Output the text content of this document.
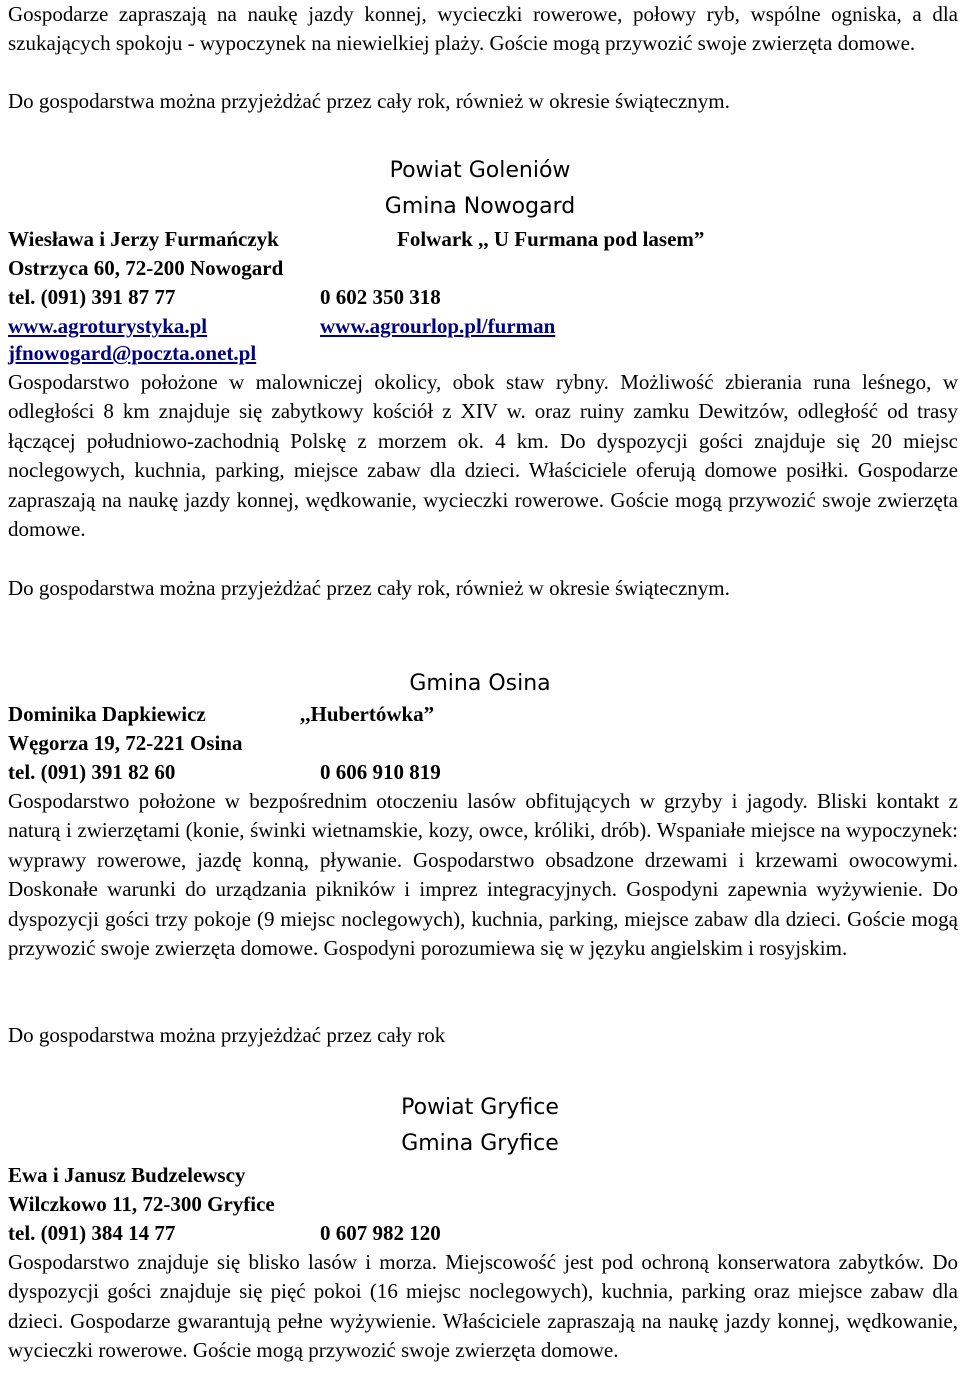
Gospodarze zapraszają na naukę jazdy konnej, wycieczki rowerowe, połowy ryb, wspólne ogniska, a dla szukających spokoju - wypoczynek na niewielkiej plaży. Goście mogą przywozić swoje zwierzęta domowe.
Do gospodarstwa można przyjeżdżać przez cały rok, również w okresie świątecznym.
Powiat Goleniów
Gmina Nowogard
Wiesława i Jerzy Furmańczyk	Folwark ,, U Furmana pod lasem”
Ostrzyca 60, 72-200 Nowogard
tel. (091) 391 87 77	0 602 350 318
www.agroturystyka.pl	www.agrourlop.pl/furman
jfnowogard@poczta.onet.pl
Gospodarstwo położone w malowniczej okolicy, obok staw rybny. Możliwość zbierania runa leśnego, w odległości 8 km znajduje się zabytkowy kościół z XIV w. oraz ruiny zamku Dewitzów, odległość od trasy łączącej południowo-zachodnią Polskę z morzem ok. 4 km. Do dyspozycji gości znajduje się 20 miejsc noclegowych, kuchnia, parking, miejsce zabaw dla dzieci. Właściciele oferują domowe posiłki. Gospodarze zapraszają na naukę jazdy konnej, wędkowanie, wycieczki rowerowe. Goście mogą przywozić swoje zwierzęta domowe.
Do gospodarstwa można przyjeżdżać przez cały rok, również w okresie świątecznym.
Gmina Osina
Dominika Dapkiewicz	,,Hubertówka”
Węgorza 19, 72-221 Osina
tel. (091) 391 82 60	0 606 910 819
Gospodarstwo położone w bezpośrednim otoczeniu lasów obfitujących w grzyby i jagody. Bliski kontakt z naturą i zwierzętami (konie, świnki wietnamskie, kozy, owce, króliki, drób). Wspaniałe miejsce na wypoczynek: wyprawy rowerowe, jazdę konną, pływanie. Gospodarstwo obsadzone drzewami i krzewami owocowymi. Doskonałe warunki do urządzania pikników i imprez integracyjnych. Gospodyni zapewnia wyżywienie. Do dyspozycji gości trzy pokoje (9 miejsc noclegowych), kuchnia, parking, miejsce zabaw dla dzieci. Goście mogą przywozić swoje zwierzęta domowe. Gospodyni porozumiewa się w języku angielskim i rosyjskim.
Do gospodarstwa można przyjeżdżać przez cały rok
Powiat Gryfice
Gmina Gryfice
Ewa i Janusz Budzelewscy
Wilczkowo 11, 72-300 Gryfice
tel. (091) 384 14 77	0 607 982 120
Gospodarstwo znajduje się blisko lasów i morza. Miejscowość jest pod ochroną konserwatora zabytków. Do dyspozycji gości znajduje się pięć pokoi (16 miejsc noclegowych), kuchnia, parking oraz miejsce zabaw dla dzieci. Gospodarze gwarantują pełne wyżywienie. Właściciele zapraszają na naukę jazdy konnej, wędkowanie, wycieczki rowerowe. Goście mogą przywozić swoje zwierzęta domowe.
